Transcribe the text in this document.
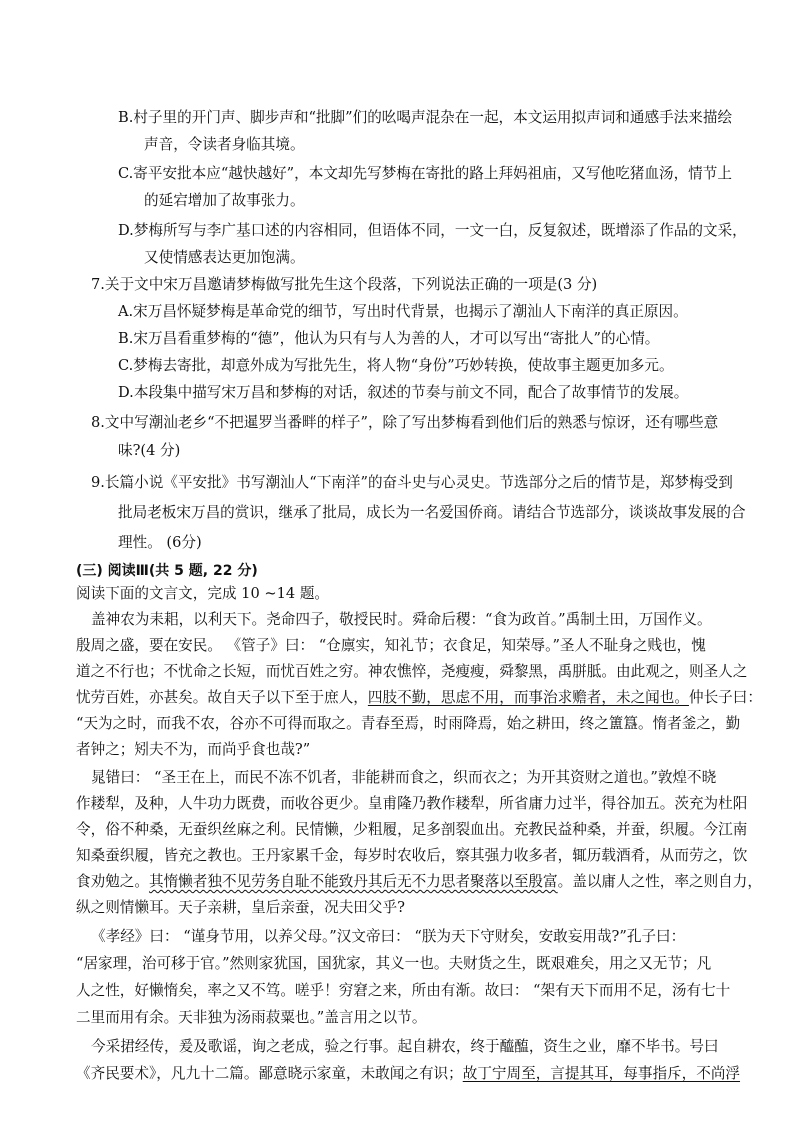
B.村子里的开门声、脚步声和“批脚”们的吆喝声混杂在一起，本文运用拟声词和通感手法来描绘
声音，令读者身临其境。
C.寄平安批本应“越快越好”，本文却先写梦梅在寄批的路上拜妈祖庙，又写他吃猪血汤，情节上
的延宕增加了故事张力。
D.梦梅所写与李广基口述的内容相同，但语体不同，一文一白，反复叙述，既增添了作品的文采，
又使情感表达更加饱满。
7.关于文中宋万昌邀请梦梅做写批先生这个段落，下列说法正确的一项是(3 分)
A.宋万昌怀疑梦梅是革命党的细节，写出时代背景，也揭示了潮汕人下南洋的真正原因。
B.宋万昌看重梦梅的“德”，他认为只有与人为善的人，才可以写出“寄批人”的心情。
C.梦梅去寄批，却意外成为写批先生，将人物“身份”巧妙转换，使故事主题更加多元。
D.本段集中描写宋万昌和梦梅的对话，叙述的节奏与前文不同，配合了故事情节的发展。
8.文中写潮汕老乡“不把暹罗当番畔的样子”，除了写出梦梅看到他们后的熟悉与惊讶，还有哪些意
味?(4 分)
9.长篇小说《平安批》书写潮汕人“下南洋”的奋斗史与心灵史。节选部分之后的情节是，郑梦梅受到
批局老板宋万昌的赏识，继承了批局，成长为一名爱国侨商。请结合节选部分，谈谈故事发展的合
理性。 (6分)
(三) 阅读Ⅲ(共 5 题, 22 分)
阅读下面的文言文，完成 10 ~14 题。
盖神农为耒耜，以利天下。尧命四子，敬授民时。舜命后稷：“食为政首。”禹制土田，万国作义。
殷周之盛，要在安民。 《管子》曰： “仓廪实，知礼节；衣食足，知荣辱。”圣人不耻身之贱也，愧
道之不行也；不忧命之长短，而忧百姓之穷。神农憔悴，尧瘦瘦，舜黎黑，禹胼胝。由此观之，则圣人之
忧劳百姓，亦甚矣。故自天子以下至于庶人，四肢不勤，思虑不用，而事治求赡者，未之闻也。仲长子曰：
“天为之时，而我不农，谷亦不可得而取之。青春至焉，时雨降焉，始之耕田，终之簠簋。惰者釜之，勤
者钟之；矧夫不为，而尚乎食也哉?”
晁错曰： “圣王在上，而民不冻不饥者，非能耕而食之，织而衣之；为开其资财之道也。”敦煌不晓
作耧犁，及种，人牛功力既费，而收谷更少。皇甫隆乃教作耧犁，所省庸力过半，得谷加五。茨充为杜阳
令，俗不种桑，无蚕织丝麻之利。民情懒，少粗履，足多剖裂血出。充教民益种桑，并蚕，织履。今江南
知桑蚕织履，皆充之教也。王丹家累千金，每岁时农收后，察其强力收多者，辄历载酒肴，从而劳之，饮
食劝勉之。其惰懒者独不见劳务自耻不能致丹其后无不力思者聚落以至殷富。盖以庸人之性，率之则自力，
纵之则情懒耳。天子亲耕，皇后亲蚕，况夫田父乎?
《孝经》曰： “谨身节用，以养父母。”汉文帝曰： “朕为天下守财矣，安敢妄用哉?”孔子曰：
“居家理，治可移于官。”然则家犹国，国犹家，其义一也。夫财货之生，既艰难矣，用之又无节；凡
人之性，好懒惰矣，率之又不笃。嗟乎！穷窘之来，所由有渐。故曰： “架有天下而用不足，汤有七十
二里而用有余。天非独为汤雨菽粟也。”盖言用之以节。
今采捃经传，爰及歌谣，询之老成，验之行事。起自耕农，终于醯醢，资生之业，靡不毕书。号曰
《齐民要术》，凡九十二篇。鄙意晓示家童，未敢闻之有识；故丁宁周至，言提其耳，每事指斥，不尚浮
